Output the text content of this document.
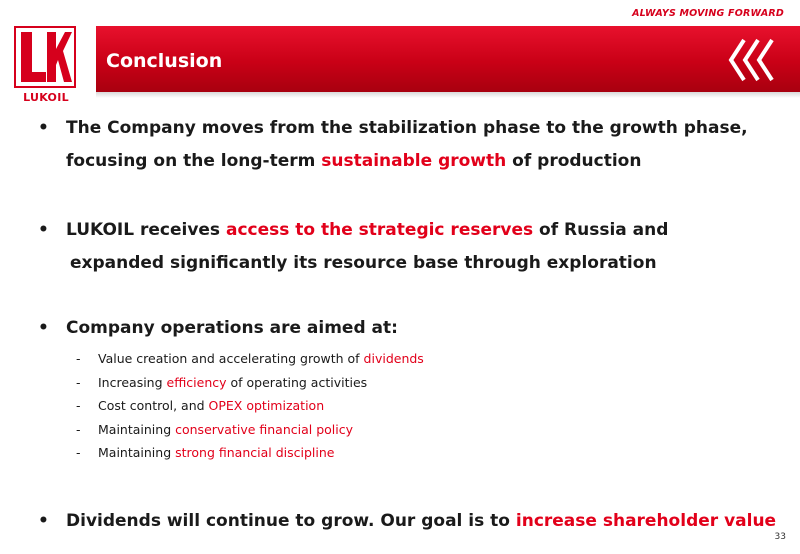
ALWAYS MOVING FORWARD
LUKOIL
Conclusion
• The Company moves from the stabilization phase to the growth phase,
focusing on the long-term sustainable growth of production
• LUKOIL receives access to the strategic reserves of Russia and
expanded significantly its resource base through exploration
• Company operations are aimed at:
- Value creation and accelerating growth of dividends
- Increasing efficiency of operating activities
- Cost control, and OPEX optimization
- Maintaining conservative financial policy
- Maintaining strong financial discipline
• Dividends will continue to grow. Our goal is to increase shareholder value
33
